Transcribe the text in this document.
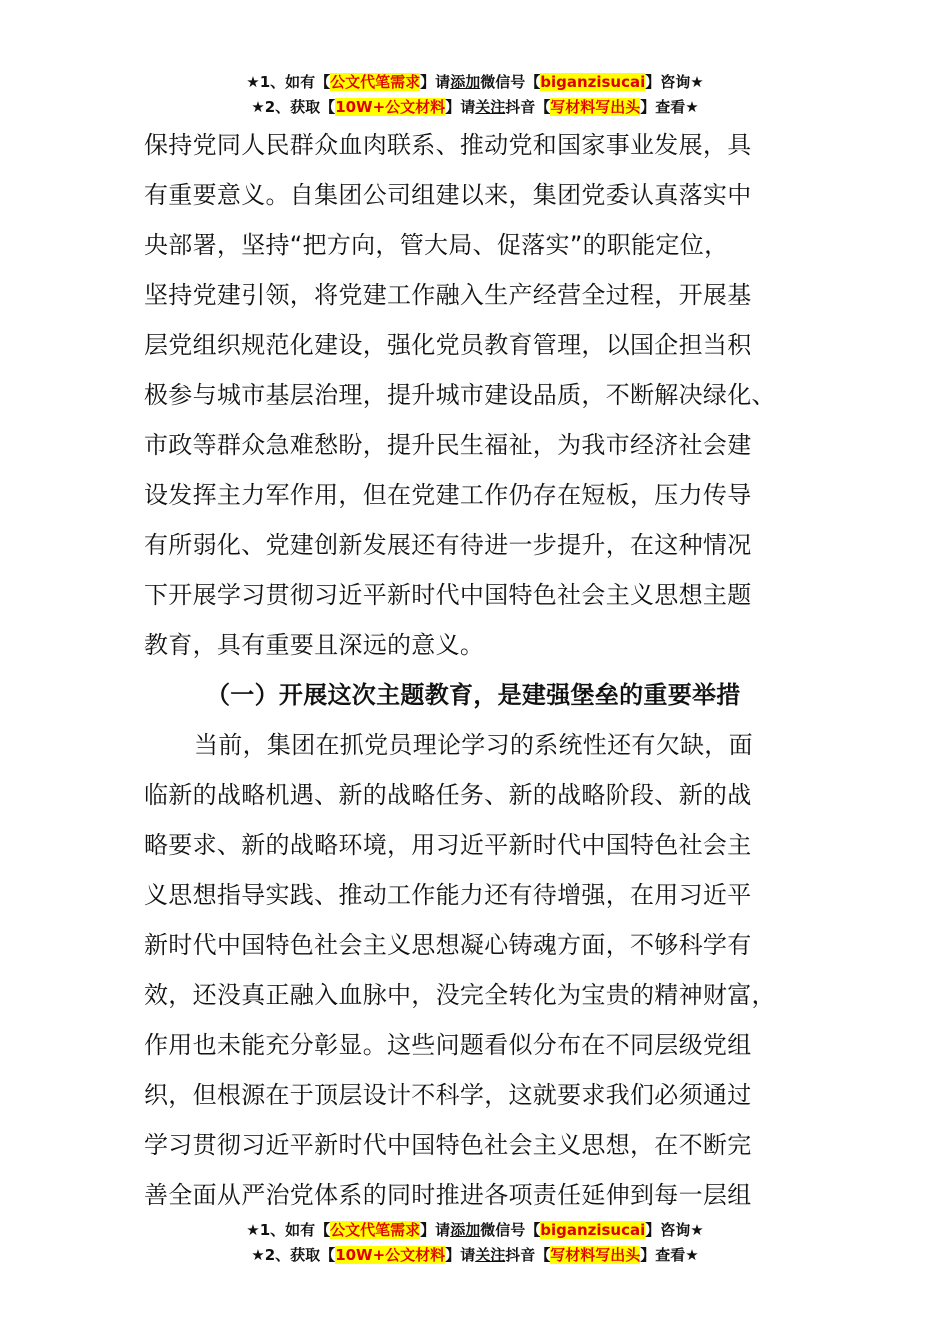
★1、如有【公文代笔需求】请添加微信号【biganzisucai】咨询★
★2、获取【10W+公文材料】请关注抖音【写材料写出头】查看★
保持党同人民群众血肉联系、推动党和国家事业发展，具
有重要意义。自集团公司组建以来，集团党委认真落实中
央部署，坚持“把方向，管大局、促落实”的职能定位，
坚持党建引领，将党建工作融入生产经营全过程，开展基
层党组织规范化建设，强化党员教育管理，以国企担当积
极参与城市基层治理，提升城市建设品质，不断解决绿化、
市政等群众急难愁盼，提升民生福祉，为我市经济社会建
设发挥主力军作用，但在党建工作仍存在短板，压力传导
有所弱化、党建创新发展还有待进一步提升，在这种情况
下开展学习贯彻习近平新时代中国特色社会主义思想主题
教育，具有重要且深远的意义。
（一）开展这次主题教育，是建强堡垒的重要举措
当前，集团在抓党员理论学习的系统性还有欠缺，面
临新的战略机遇、新的战略任务、新的战略阶段、新的战
略要求、新的战略环境，用习近平新时代中国特色社会主
义思想指导实践、推动工作能力还有待增强，在用习近平
新时代中国特色社会主义思想凝心铸魂方面，不够科学有
效，还没真正融入血脉中，没完全转化为宝贵的精神财富，
作用也未能充分彰显。这些问题看似分布在不同层级党组
织，但根源在于顶层设计不科学，这就要求我们必须通过
学习贯彻习近平新时代中国特色社会主义思想，在不断完
善全面从严治党体系的同时推进各项责任延伸到每一层组
★1、如有【公文代笔需求】请添加微信号【biganzisucai】咨询★
★2、获取【10W+公文材料】请关注抖音【写材料写出头】查看★
